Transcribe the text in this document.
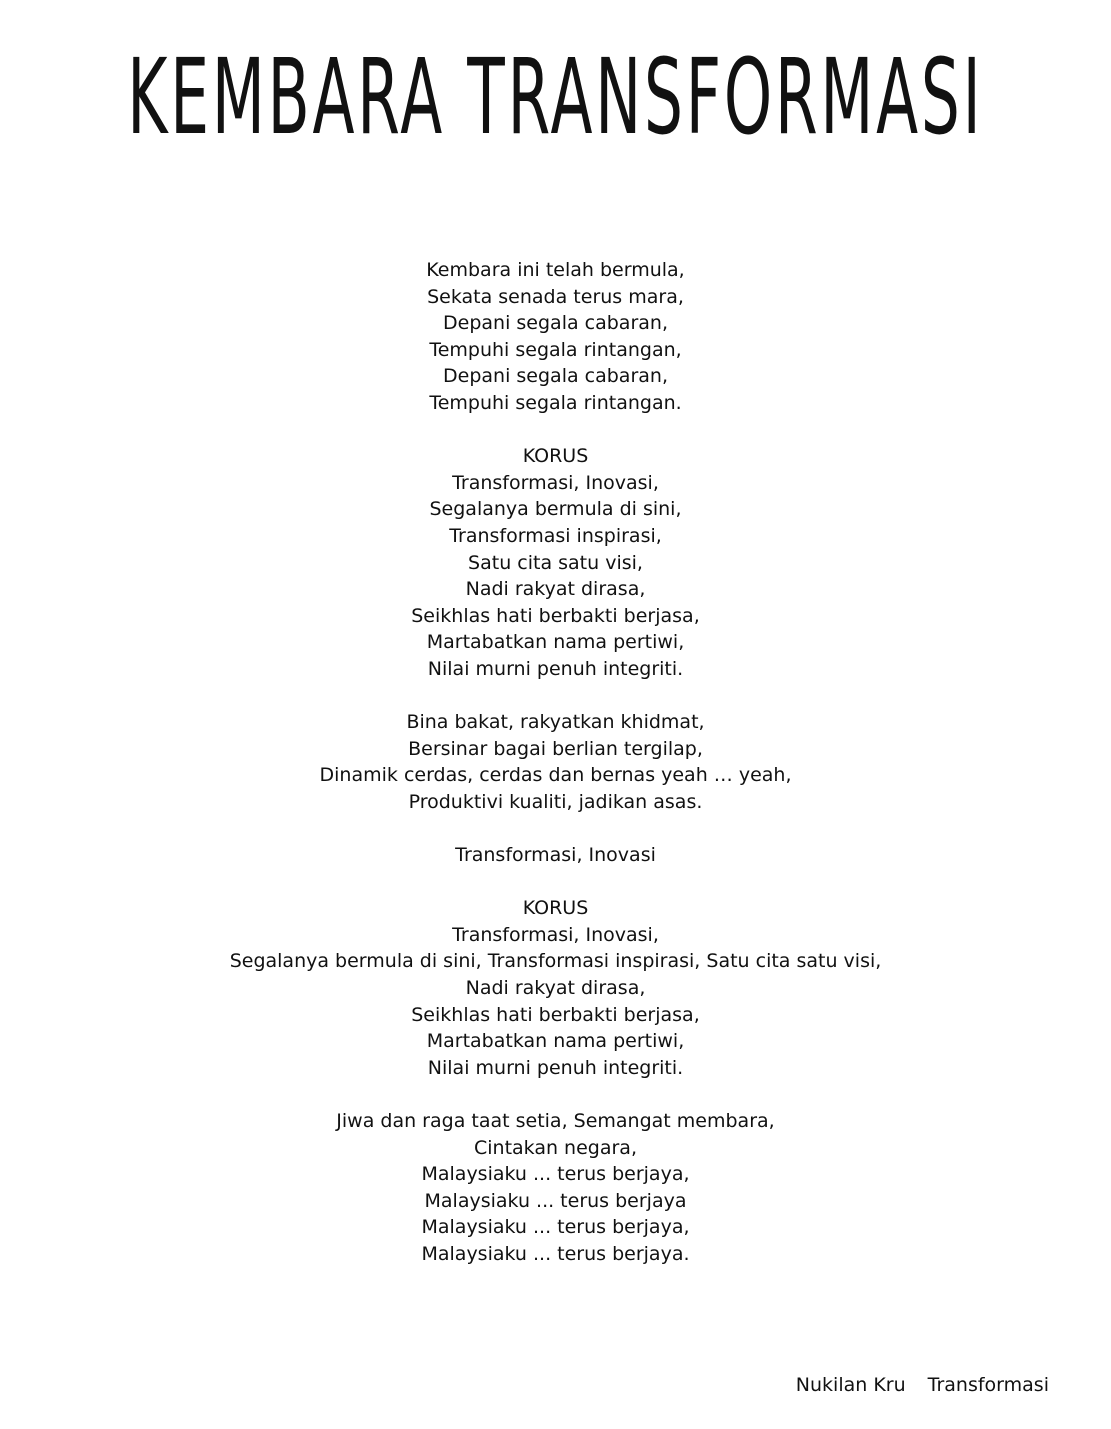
KEMBARA TRANSFORMASI
Kembara ini telah bermula,
Sekata senada terus mara,
Depani segala cabaran,
Tempuhi segala rintangan,
Depani segala cabaran,
Tempuhi segala rintangan.
KORUS
Transformasi, Inovasi,
Segalanya bermula di sini,
Transformasi inspirasi,
Satu cita satu visi,
Nadi rakyat dirasa,
Seikhlas hati berbakti berjasa,
Martabatkan nama pertiwi,
Nilai murni penuh integriti.
Bina bakat, rakyatkan khidmat,
Bersinar bagai berlian tergilap,
Dinamik cerdas, cerdas dan bernas yeah … yeah,
Produktivi kualiti, jadikan asas.
Transformasi, Inovasi
KORUS
Transformasi, Inovasi,
Segalanya bermula di sini, Transformasi inspirasi, Satu cita satu visi,
Nadi rakyat dirasa,
Seikhlas hati berbakti berjasa,
Martabatkan nama pertiwi,
Nilai murni penuh integriti.
Jiwa dan raga taat setia, Semangat membara,
Cintakan negara,
Malaysiaku ... terus berjaya,
Malaysiaku ... terus berjaya
Malaysiaku ... terus berjaya,
Malaysiaku ... terus berjaya.
Nukilan Kru Transformasi
